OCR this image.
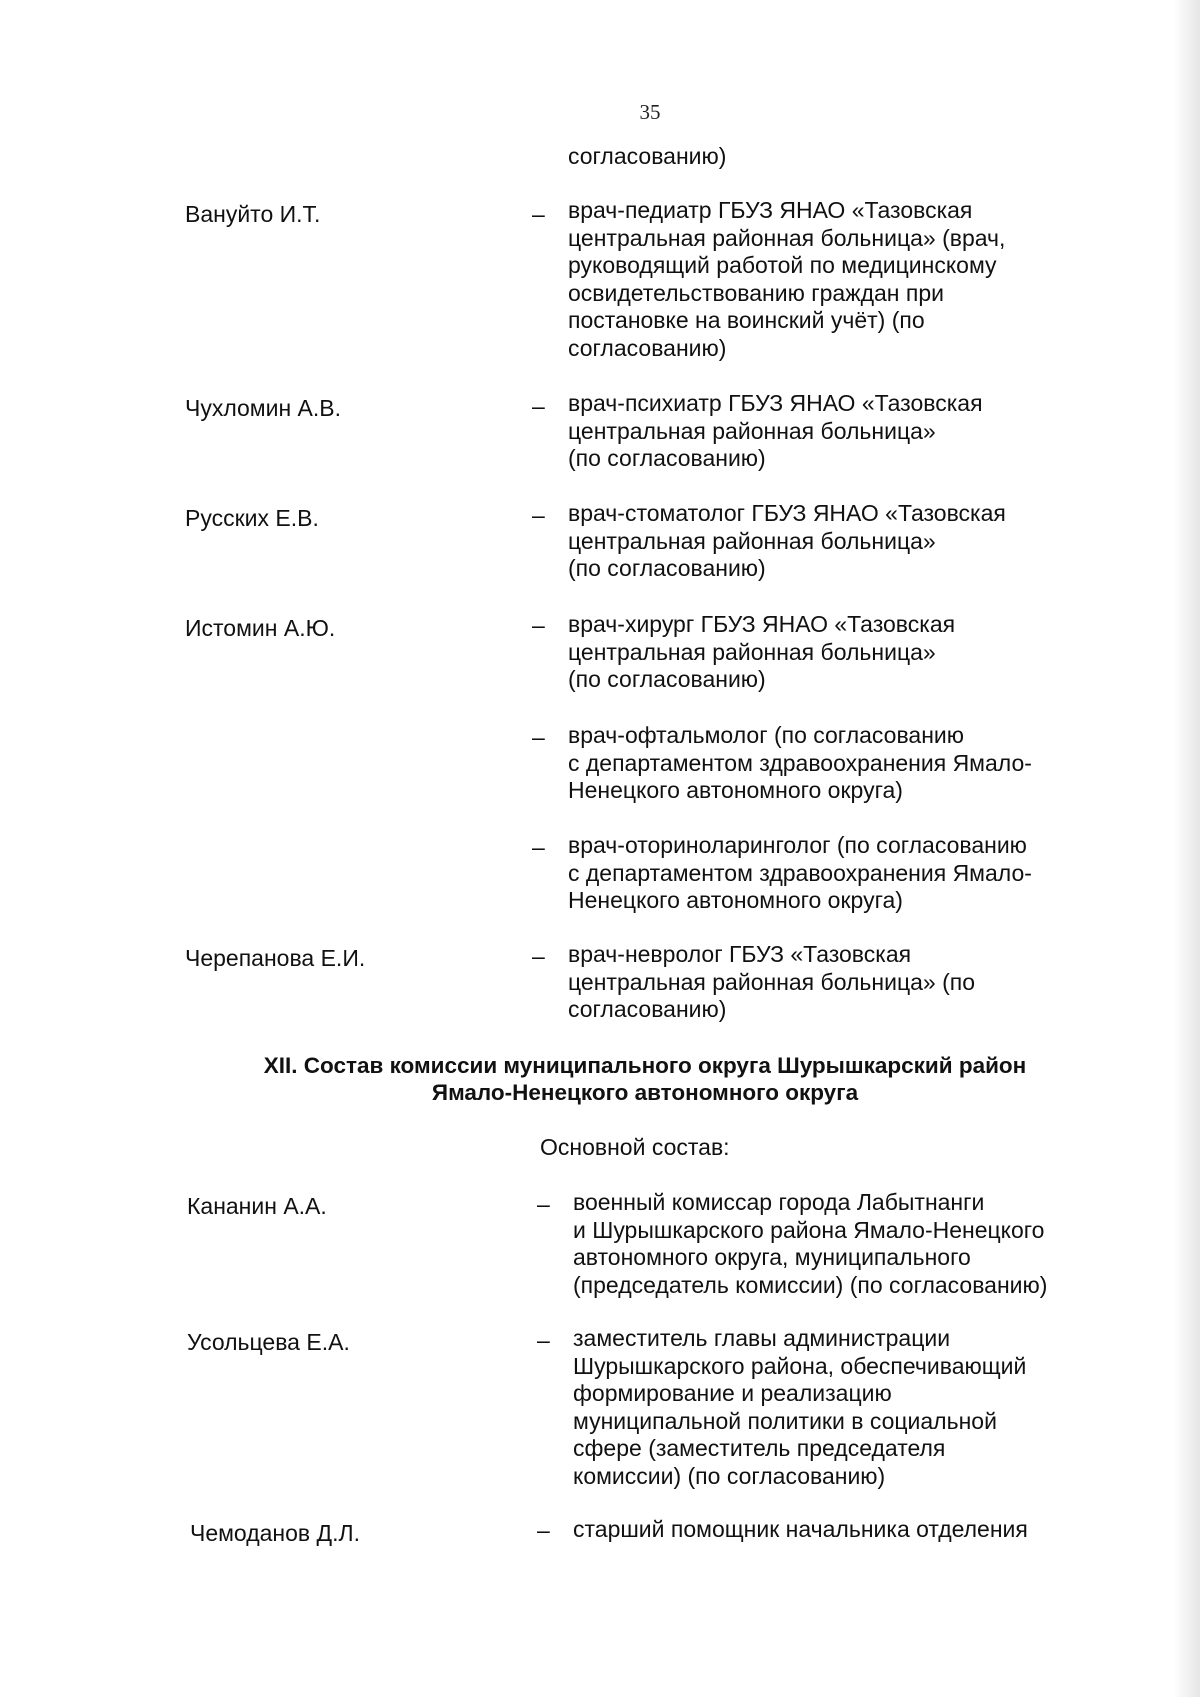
35
согласованию)
Вануйто И.Т.	– врач-педиатр ГБУЗ ЯНАО «Тазовская
центральная районная больница» (врач,
руководящий работой по медицинскому
освидетельствованию граждан при
постановке на воинский учёт) (по
согласованию)
Чухломин А.В.	– врач-психиатр ГБУЗ ЯНАО «Тазовская
центральная районная больница»
(по согласованию)
Русских Е.В.	– врач-стоматолог ГБУЗ ЯНАО «Тазовская
центральная районная больница»
(по согласованию)
Истомин А.Ю.	– врач-хирург ГБУЗ ЯНАО «Тазовская
центральная районная больница»
(по согласованию)
– врач-офтальмолог (по согласованию
с департаментом здравоохранения Ямало-
Ненецкого автономного округа)
– врач-оториноларинголог (по согласованию
с департаментом здравоохранения Ямало-
Ненецкого автономного округа)
Черепанова Е.И.	– врач-невролог ГБУЗ «Тазовская
центральная районная больница» (по
согласованию)
XII. Состав комиссии муниципального округа Шурышкарский район
Ямало-Ненецкого автономного округа
Основной состав:
Кананин А.А.	– военный комиссар города Лабытнанги
и Шурышкарского района Ямало-Ненецкого
автономного округа, муниципального
(председатель комиссии) (по согласованию)
Усольцева Е.А.	– заместитель главы администрации
Шурышкарского района, обеспечивающий
формирование и реализацию
муниципальной политики в социальной
сфере (заместитель председателя
комиссии) (по согласованию)
Чемоданов Д.Л.	– старший помощник начальника отделения
